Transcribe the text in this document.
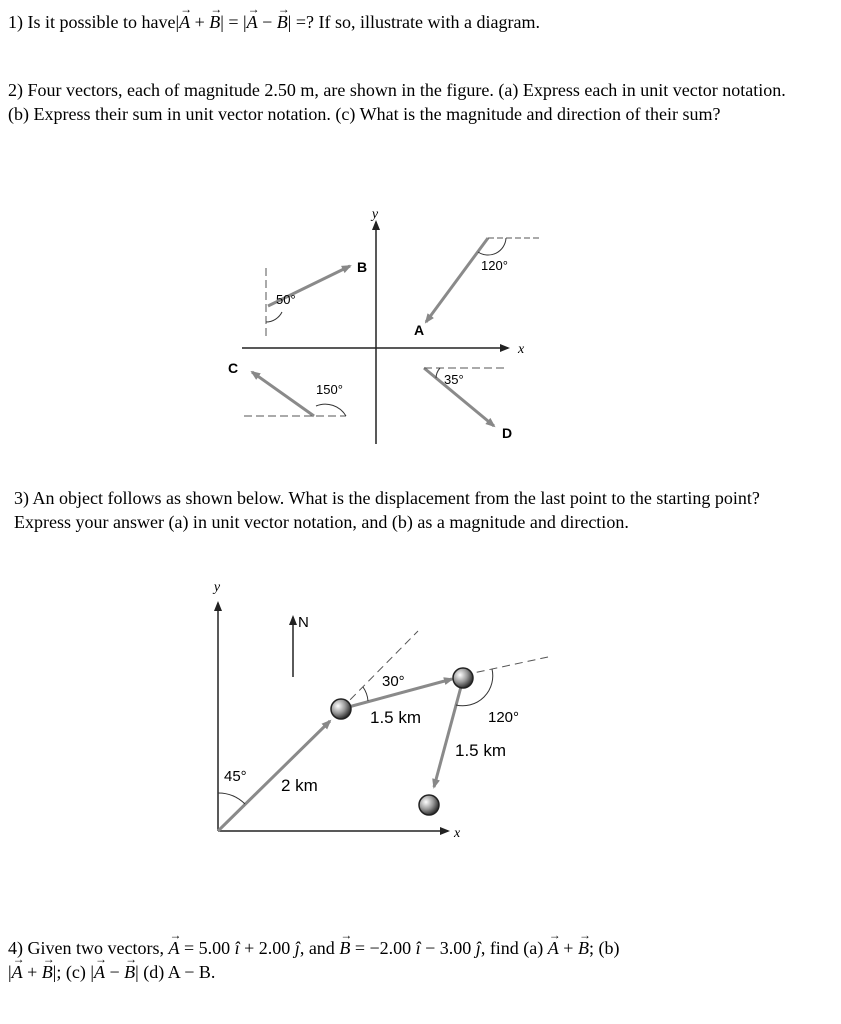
1) Is it possible to have|→ A + → B| = |→ A − → B| =? If so, illustrate with a diagram.

2) Four vectors, each of magnitude 2.50 m, are shown in the figure. (a) Express each in unit vector notation. (b) Express their sum in unit vector notation. (c) What is the magnitude and direction of their sum?

y
x
B
50°
A
120°
C
150°
D
35°

3) An object follows as shown below. What is the displacement from the last point to the starting point? Express your answer (a) in unit vector notation, and (b) as a magnitude and direction.

y
x
N
45° 2 km
30°
1.5 km	120°
1.5 km

4) Given two vectors, → A = 5.00 î + 2.00 ĵ, and → B = −2.00 î − 3.00 ĵ, find (a) → A + → B; (b)

|→ A + → B|; (c) |→ A − → B| (d) A − B.
